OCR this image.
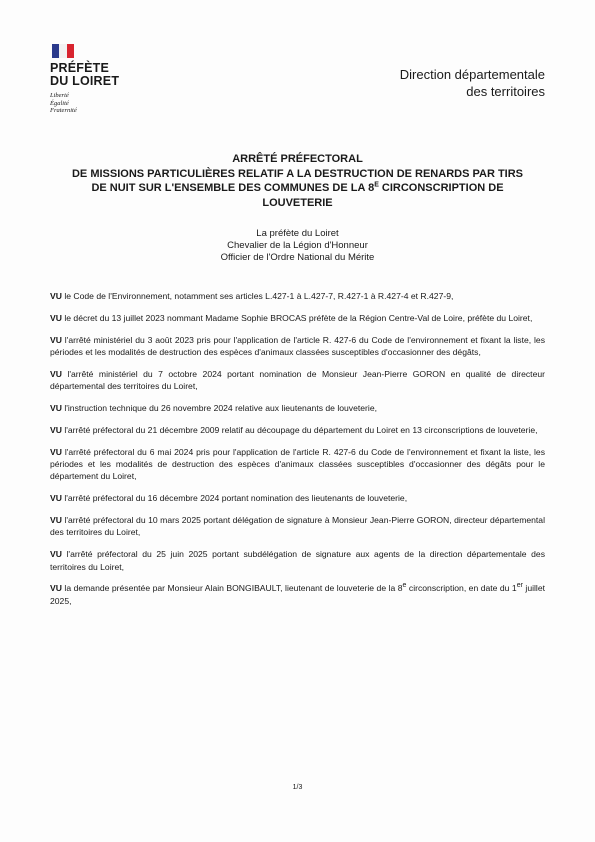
PRÉFÈTE
DU LOIRET
Liberté
Égalité
Fraternité
Direction départementale
des territoires
ARRÊTÉ PRÉFECTORAL
DE MISSIONS PARTICULIÈRES RELATIF A LA DESTRUCTION DE RENARDS PAR TIRS
DE NUIT SUR L'ENSEMBLE DES COMMUNES DE LA $8^E$ CIRCONSCRIPTION DE
LOUVETERIE
La préfète du Loiret
Chevalier de la Légion d'Honneur
Officier de l'Ordre National du Mérite

VU le Code de l'Environnement, notamment ses articles L.427-1 à L.427-7, R.427-1 à R.427-4 et R.427-9,

VU le décret du 13 juillet 2023 nommant Madame Sophie BROCAS préfète de la Région Centre-Val de Loire, préfète du Loiret,

VU l'arrêté ministériel du 3 août 2023 pris pour l'application de l'article R. 427-6 du Code de l'environnement et fixant la liste, les périodes et les modalités de destruction des espèces d'animaux classées susceptibles d'occasionner des dégâts,

VU l'arrêté ministériel du 7 octobre 2024 portant nomination de Monsieur Jean-Pierre GORON en qualité de directeur départemental des territoires du Loiret,

VU l'instruction technique du 26 novembre 2024 relative aux lieutenants de louveterie,

VU l'arrêté préfectoral du 21 décembre 2009 relatif au découpage du département du Loiret en 13 circonscriptions de louveterie,

VU l'arrêté préfectoral du 6 mai 2024 pris pour l'application de l'article R. 427-6 du Code de l'environnement et fixant la liste, les périodes et les modalités de destruction des espèces d'animaux classées susceptibles d'occasionner des dégâts pour le département du Loiret,

VU l'arrêté préfectoral du 16 décembre 2024 portant nomination des lieutenants de louveterie,

VU l'arrêté préfectoral du 10 mars 2025 portant délégation de signature à Monsieur Jean-Pierre GORON, directeur départemental des territoires du Loiret,

VU l'arrêté préfectoral du 25 juin 2025 portant subdélégation de signature aux agents de la direction départementale des territoires du Loiret,

VU la demande présentée par Monsieur Alain BONGIBAULT, lieutenant de louveterie de la 8e circonscription, en date du 1er juillet 2025,

1/3
